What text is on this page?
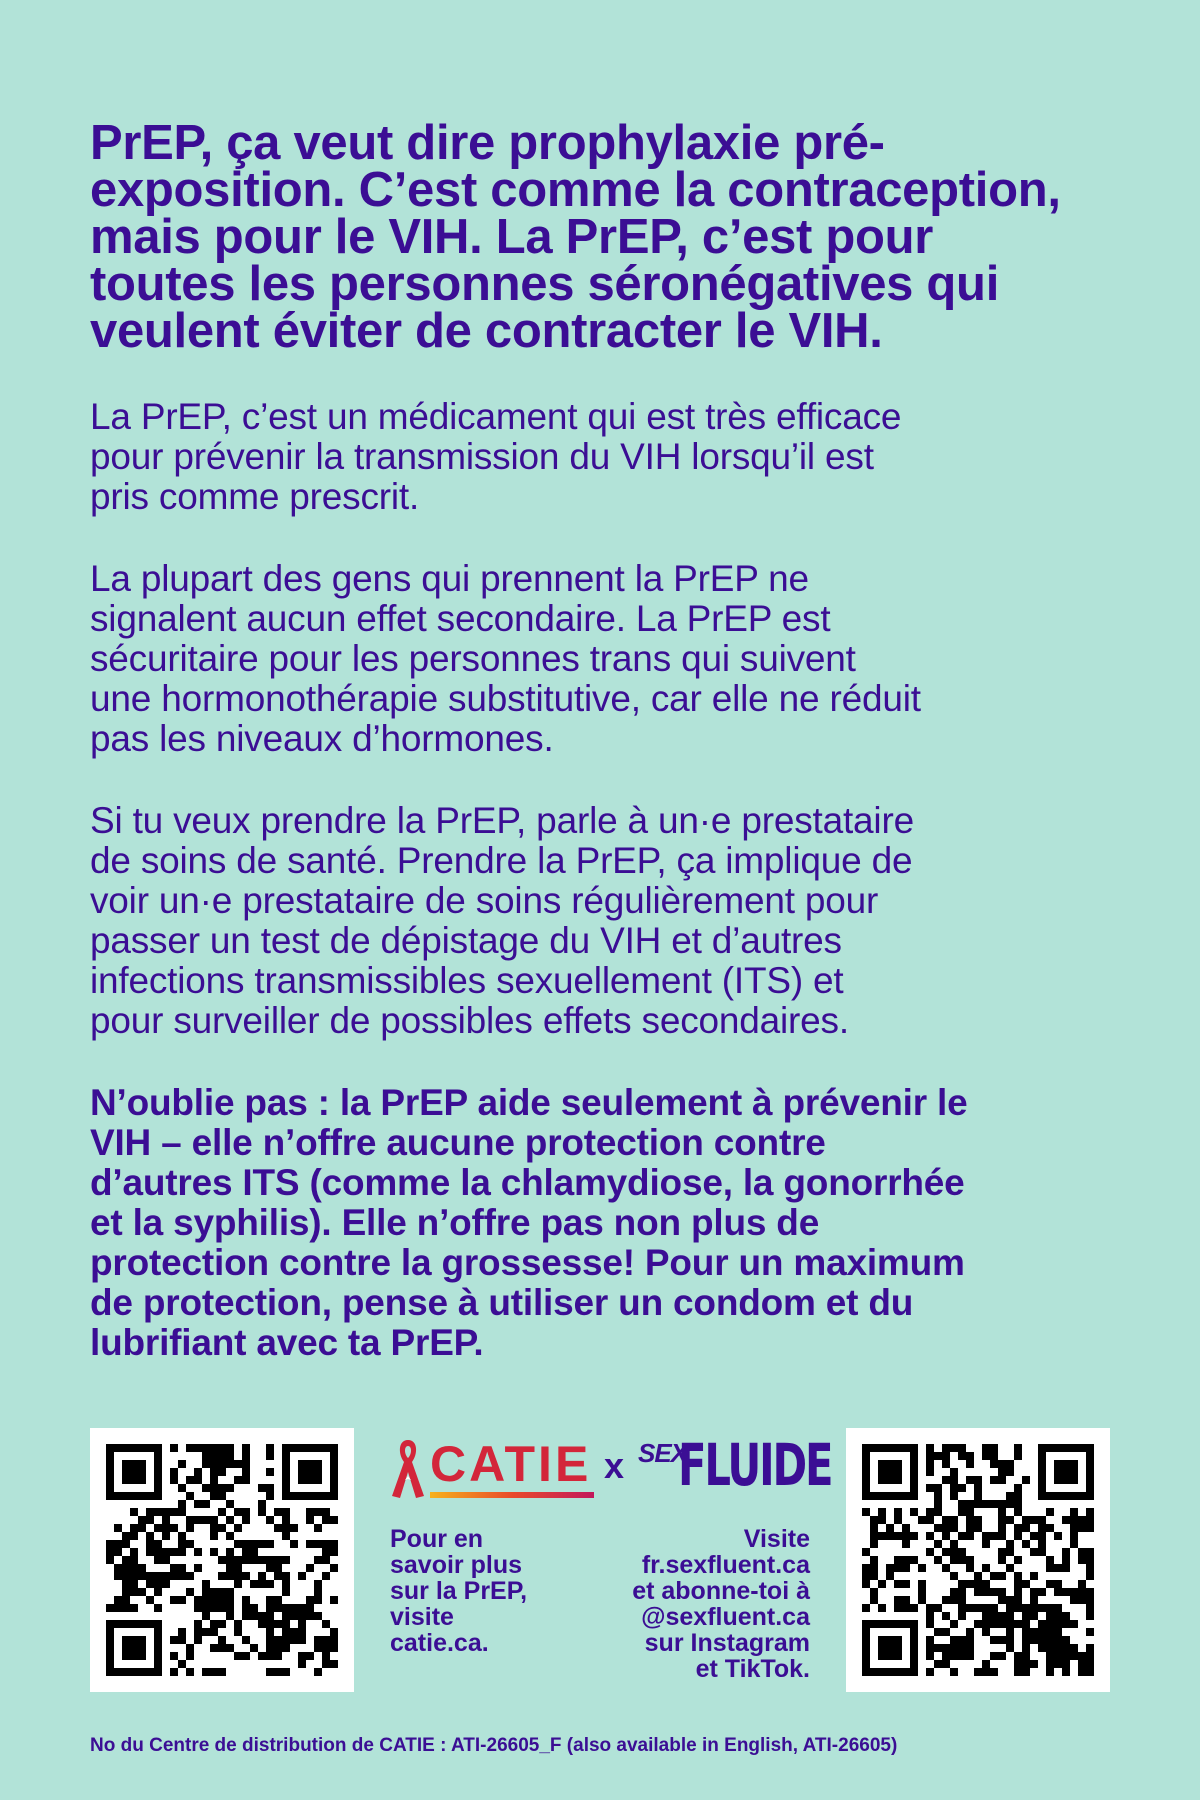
PrEP, ça veut dire prophylaxie pré-
exposition. C’est comme la contraception,
mais pour le VIH. La PrEP, c’est pour
toutes les personnes séronégatives qui
veulent éviter de contracter le VIH.

La PrEP, c’est un médicament qui est très efficace
pour prévenir la transmission du VIH lorsqu’il est
pris comme prescrit.

La plupart des gens qui prennent la PrEP ne
signalent aucun effet secondaire. La PrEP est
sécuritaire pour les personnes trans qui suivent
une hormonothérapie substitutive, car elle ne réduit
pas les niveaux d’hormones.

Si tu veux prendre la PrEP, parle à un·e prestataire
de soins de santé. Prendre la PrEP, ça implique de
voir un·e prestataire de soins régulièrement pour
passer un test de dépistage du VIH et d’autres
infections transmissibles sexuellement (ITS) et
pour surveiller de possibles effets secondaires.

N’oublie pas : la PrEP aide seulement à prévenir le
VIH – elle n’offre aucune protection contre
d’autres ITS (comme la chlamydiose, la gonorrhée
et la syphilis). Elle n’offre pas non plus de
protection contre la grossesse! Pour un maximum
de protection, pense à utiliser un condom et du
lubrifiant avec ta PrEP.

CATIE x SEX
FLUIDE

Pour en
savoir plus
sur la PrEP,
visite
catie.ca.

Visite
fr.sexfluent.ca
et abonne-toi à
@sexfluent.ca
sur Instagram
et TikTok.

No du Centre de distribution de CATIE : ATI-26605_F (also available in English, ATI-26605)
